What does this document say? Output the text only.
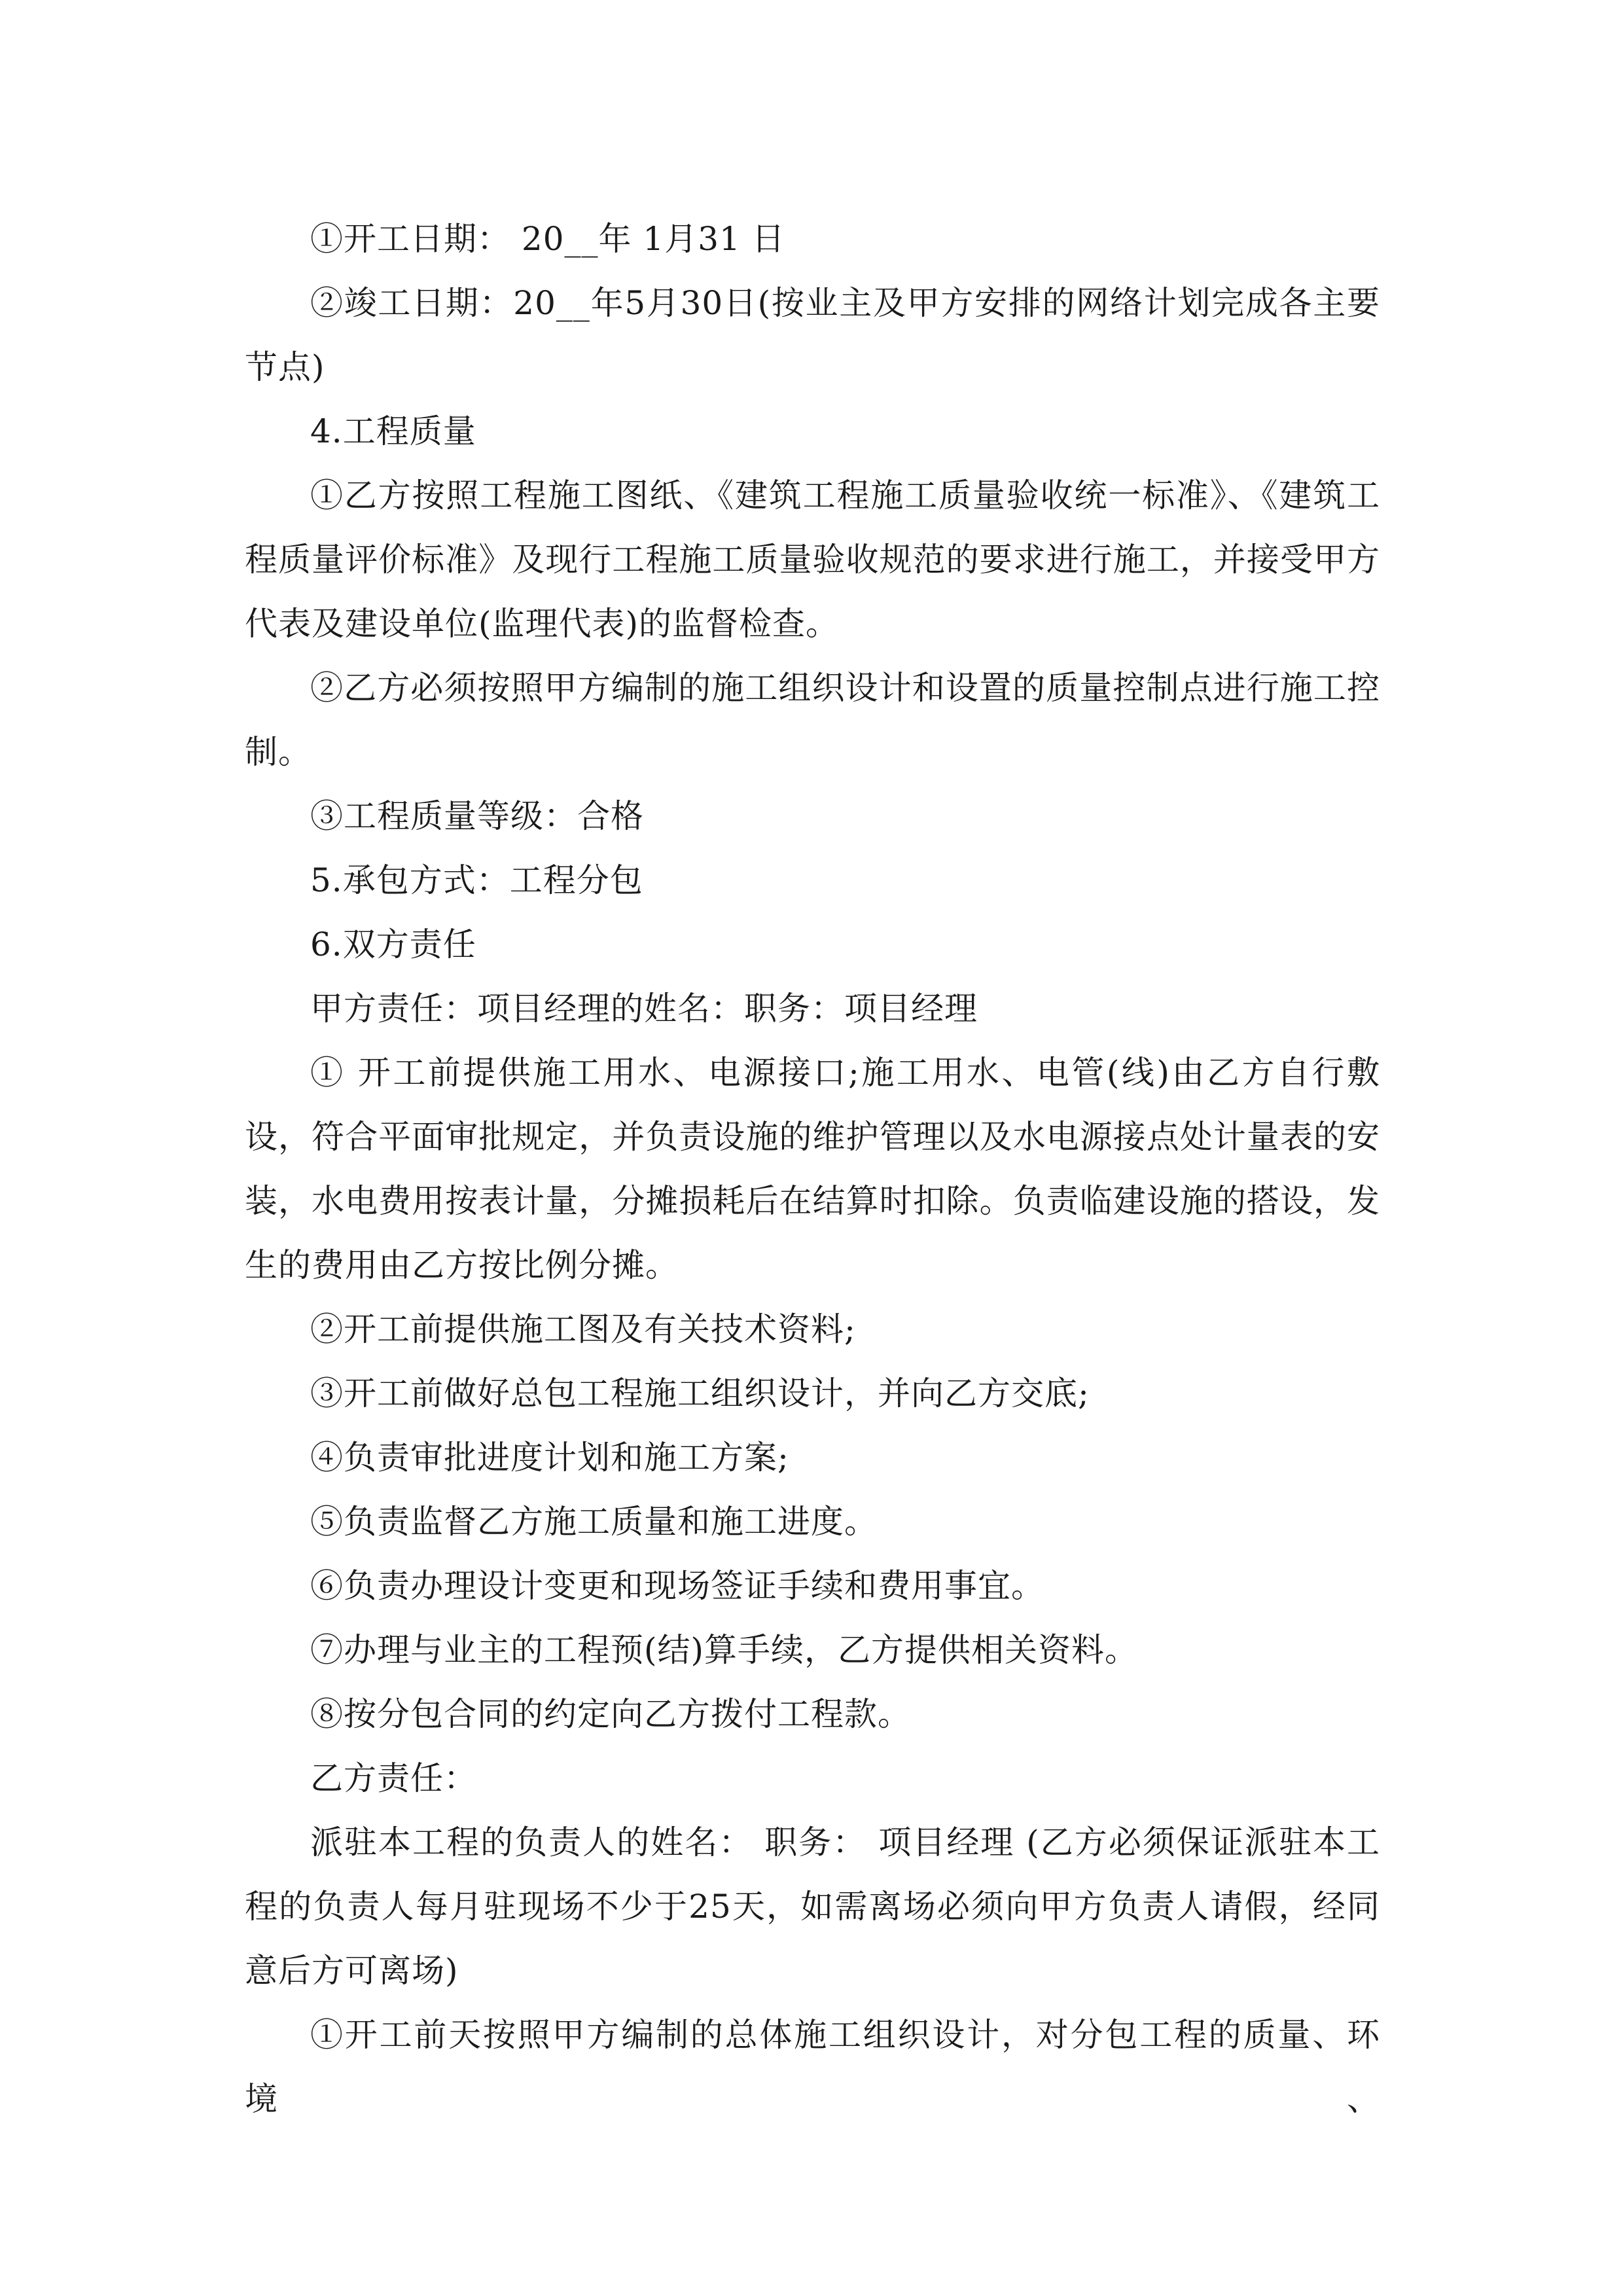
①开工日期： 20__年 1月31 日

②竣工日期：20__年5月30日(按业主及甲方安排的网络计划完成各主要节点)

4.工程质量

①乙方按照工程施工图纸、《建筑工程施工质量验收统一标准》、《建筑工程质量评价标准》及现行工程施工质量验收规范的要求进行施工，并接受甲方代表及建设单位(监理代表)的监督检查。

②乙方必须按照甲方编制的施工组织设计和设置的质量控制点进行施工控制。

③工程质量等级：合格

5.承包方式：工程分包

6.双方责任

甲方责任：项目经理的姓名：职务：项目经理

① 开工前提供施工用水、电源接口;施工用水、电管(线)由乙方自行敷设，符合平面审批规定，并负责设施的维护管理以及水电源接点处计量表的安装，水电费用按表计量，分摊损耗后在结算时扣除。负责临建设施的搭设，发生的费用由乙方按比例分摊。

②开工前提供施工图及有关技术资料;

③开工前做好总包工程施工组织设计，并向乙方交底;

④负责审批进度计划和施工方案;

⑤负责监督乙方施工质量和施工进度。

⑥负责办理设计变更和现场签证手续和费用事宜。

⑦办理与业主的工程预(结)算手续，乙方提供相关资料。

⑧按分包合同的约定向乙方拨付工程款。

乙方责任：

派驻本工程的负责人的姓名： 职务： 项目经理 (乙方必须保证派驻本工程的负责人每月驻现场不少于25天，如需离场必须向甲方负责人请假，经同意后方可离场)

①开工前天按照甲方编制的总体施工组织设计，对分包工程的质量、环境、
